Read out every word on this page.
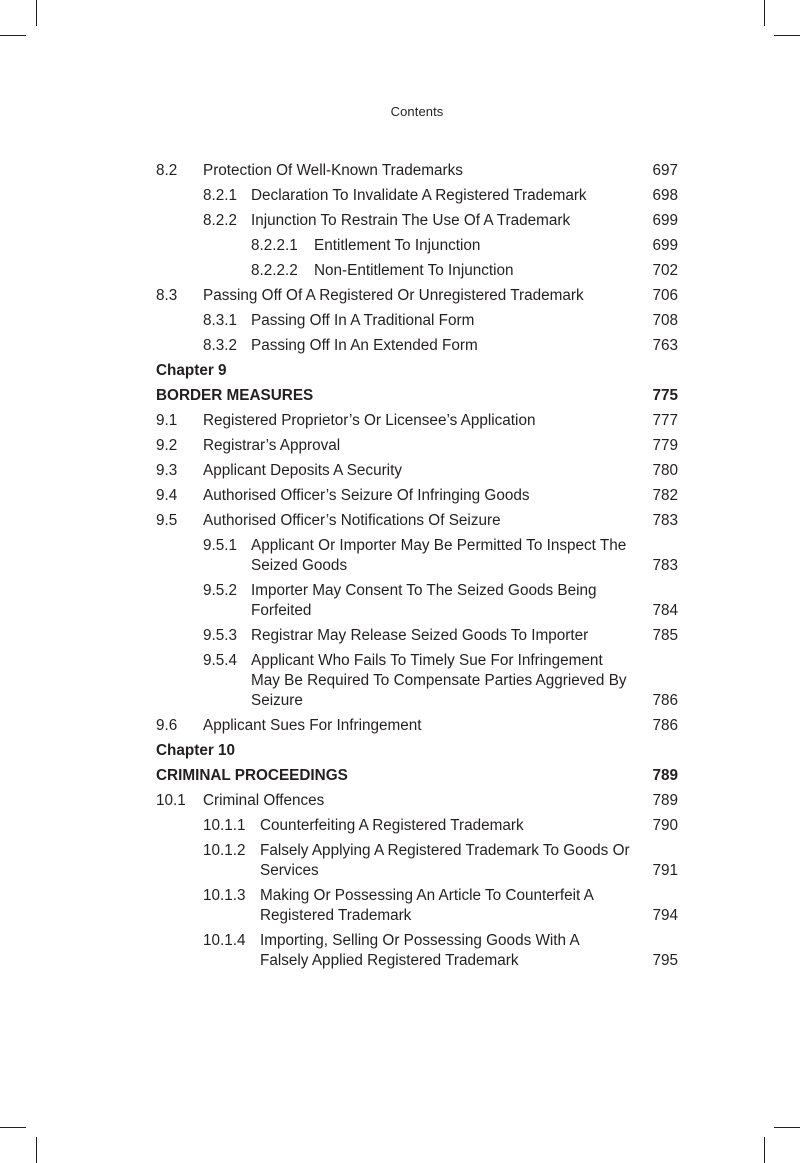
Contents
8.2	Protection Of Well-Known Trademarks	697
8.2.1 Declaration To Invalidate A Registered Trademark	698
8.2.2 Injunction To Restrain The Use Of A Trademark	699
8.2.2.1	Entitlement To Injunction	699
8.2.2.2	Non-Entitlement To Injunction	702
8.3	Passing Off Of A Registered Or Unregistered Trademark	706
8.3.1 Passing Off In A Traditional Form	708
8.3.2 Passing Off In An Extended Form	763
Chapter 9
BORDER MEASURES	775
9.1	Registered Proprietor’s Or Licensee’s Application	777
9.2	Registrar’s Approval	779
9.3	Applicant Deposits A Security	780
9.4	Authorised Officer’s Seizure Of Infringing Goods	782
9.5	Authorised Officer’s Notifications Of Seizure	783
9.5.1 Applicant Or Importer May Be Permitted To Inspect The Seized Goods	783
9.5.2 Importer May Consent To The Seized Goods Being Forfeited	784
9.5.3 Registrar May Release Seized Goods To Importer	785
9.5.4 Applicant Who Fails To Timely Sue For Infringement May Be Required To Compensate Parties Aggrieved By Seizure	786
9.6	Applicant Sues For Infringement	786
Chapter 10
CRIMINAL PROCEEDINGS	789
10.1	Criminal Offences	789
10.1.1 Counterfeiting A Registered Trademark	790
10.1.2 Falsely Applying A Registered Trademark To Goods Or Services	791
10.1.3 Making Or Possessing An Article To Counterfeit A Registered Trademark	794
10.1.4 Importing, Selling Or Possessing Goods With A Falsely Applied Registered Trademark	795
